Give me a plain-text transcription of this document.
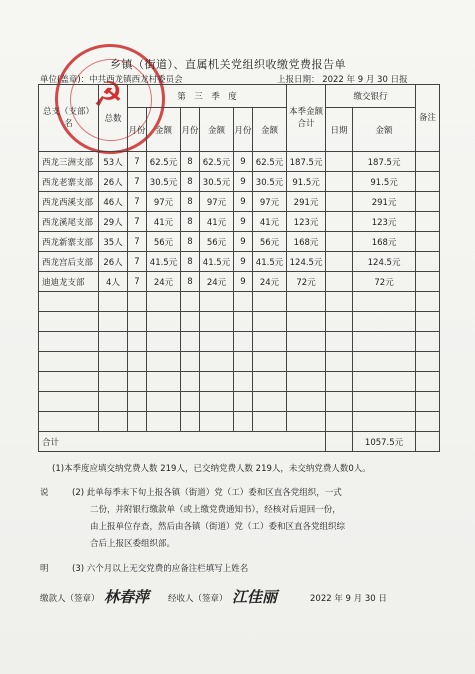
☭
乡镇（街道）、直属机关党组织收缴党费报告单
单位(盖章)：中共西龙镇西龙村委员会	上报日期： 2022 年 9 月 30 日报
总支（支部）名	总数	第　三　季　度						本季金额合计	缴交银行		备注
		月份	金额	月份	金额	月份	金额		日期	金额	

西龙三洲支部	53人	7	62.5元	8	62.5元	9	62.5元	187.5元		187.5元	
西龙老寨支部	26人	7	30.5元	8	30.5元	9	30.5元	91.5元		91.5元	
西龙西溪支部	46人	7	97元	8	97元	9	97元	291元		291元	
西龙溪尾支部	29人	7	41元	8	41元	9	41元	123元		123元	
西龙新寨支部	35人	7	56元	8	56元	9	56元	168元		168元	
西龙宫后支部	26人	7	41.5元	8	41.5元	9	41.5元	124.5元		124.5元	
迪迪龙支部	4人	7	24元	8	24元	9	24元	72元		72元	

合计										1057.5元	
(1)本季度应填交纳党费人数 219人，已交纳党费人数 219人，未交纳党费人数0人。
说	(2) 此单每季末下旬上报各镇（街道）党（工）委和区直各党组织，一式
二份，并附银行缴款单（或上缴党费通知书），经核对后退回一份，
由上报单位存查，然后由各镇（街道）党（工）委和区直各党组织综
合后上报区委组织部。
明	(3) 六个月以上无交党费的应备注栏填写上姓名
缴款人（签章） 林春萍 经收人（签章） 江佳丽	2022 年 9 月 30 日
